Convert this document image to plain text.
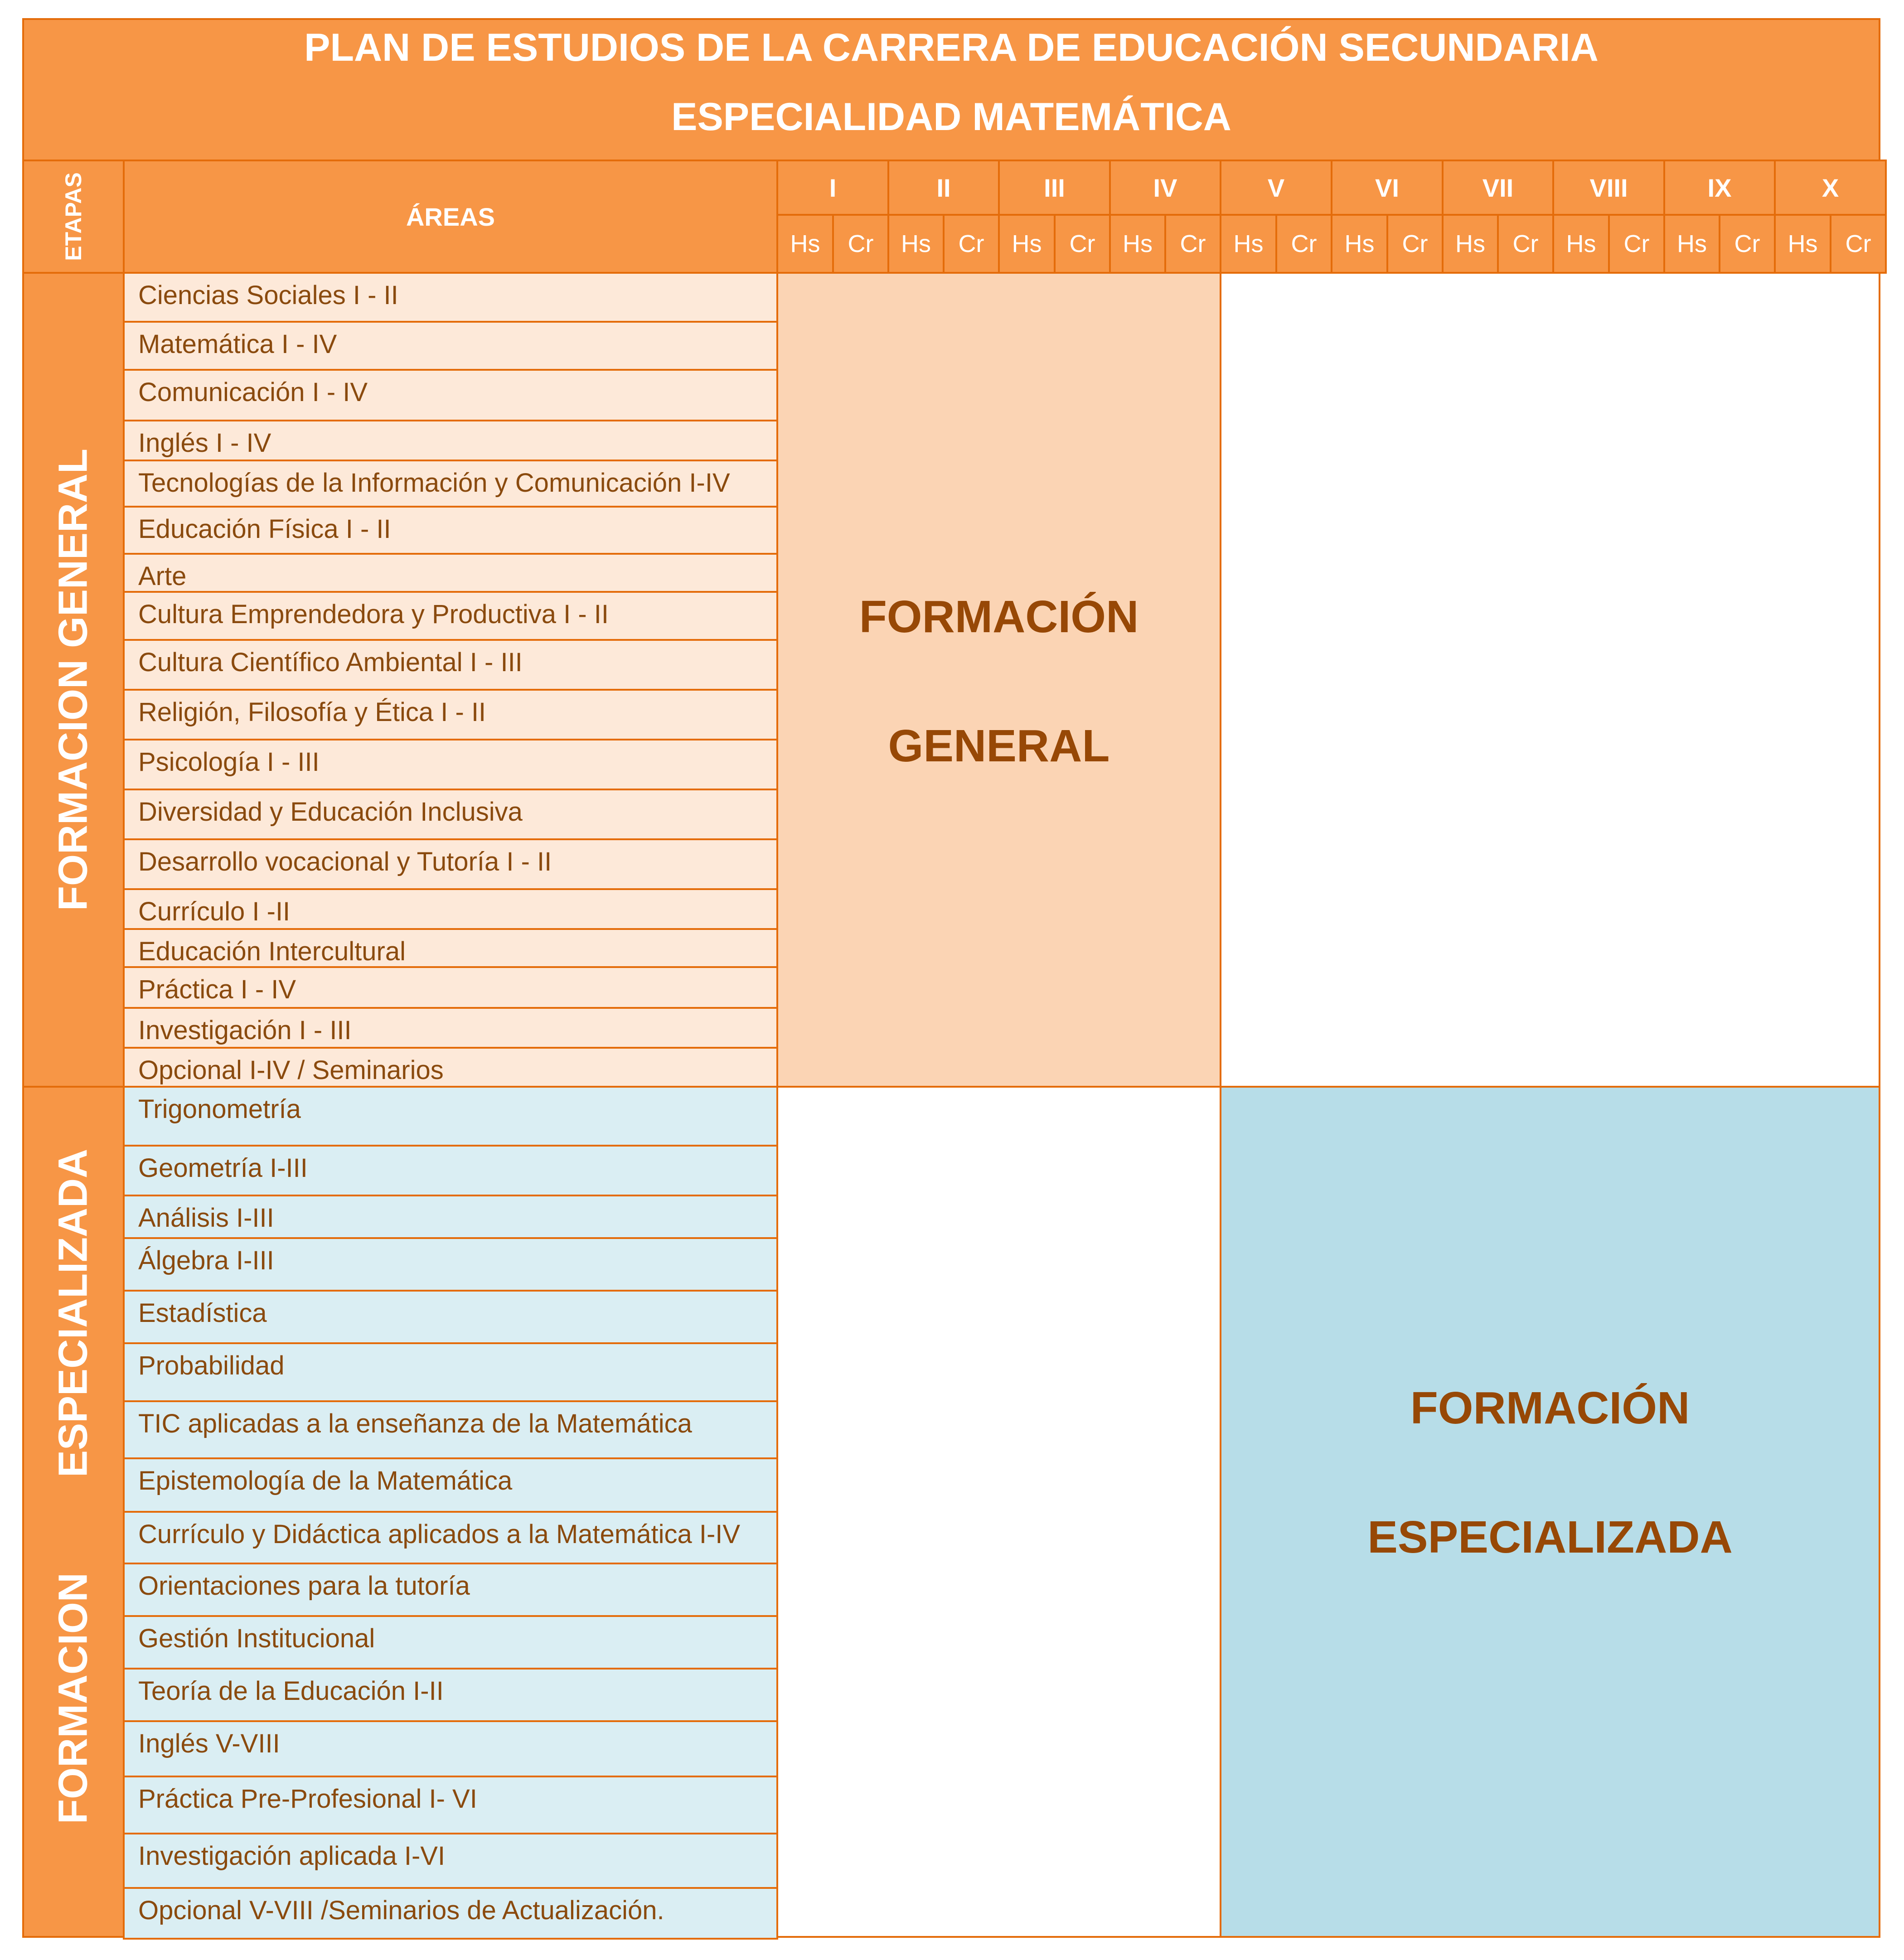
PLAN DE ESTUDIOS DE LA CARRERA DE EDUCACIÓN SECUNDARIA
ESPECIALIDAD MATEMÁTICA
ETAPAS	ÁREAS
I
Hs	Cr
II
Hs	Cr
III
Hs	Cr
IV
Hs	Cr
V
Hs	Cr
VI
Hs	Cr
VII
Hs	Cr
VIII
Hs	Cr
IX
Hs	Cr
X
Hs	Cr
FORMACION GENERAL
FORMACION  ESPECIALIZADA
Ciencias Sociales I - II
Matemática I - IV
Comunicación I - IV
Inglés I - IV
Tecnologías de la Información y Comunicación I-IV
Educación Física I - II
Arte
Cultura Emprendedora y Productiva I - II
Cultura Científico Ambiental I - III
Religión, Filosofía y Ética I - II
Psicología I - III
Diversidad y Educación Inclusiva
Desarrollo vocacional y Tutoría I - II
Currículo I -II
Educación Intercultural
Práctica I - IV
Investigación I - III
Opcional I-IV / Seminarios
Trigonometría
Geometría I-III
Análisis I-III
Álgebra I-III
Estadística
Probabilidad
TIC aplicadas a la enseñanza de la Matemática
Epistemología de la Matemática
Currículo y Didáctica aplicados a la Matemática I-IV
Orientaciones para la tutoría
Gestión Institucional
Teoría de la Educación I-II
Inglés V-VIII
Práctica Pre-Profesional I- VI
Investigación aplicada I-VI
Opcional V-VIII /Seminarios de Actualización.
FORMACIÓN
GENERAL
FORMACIÓN
ESPECIALIZADA
